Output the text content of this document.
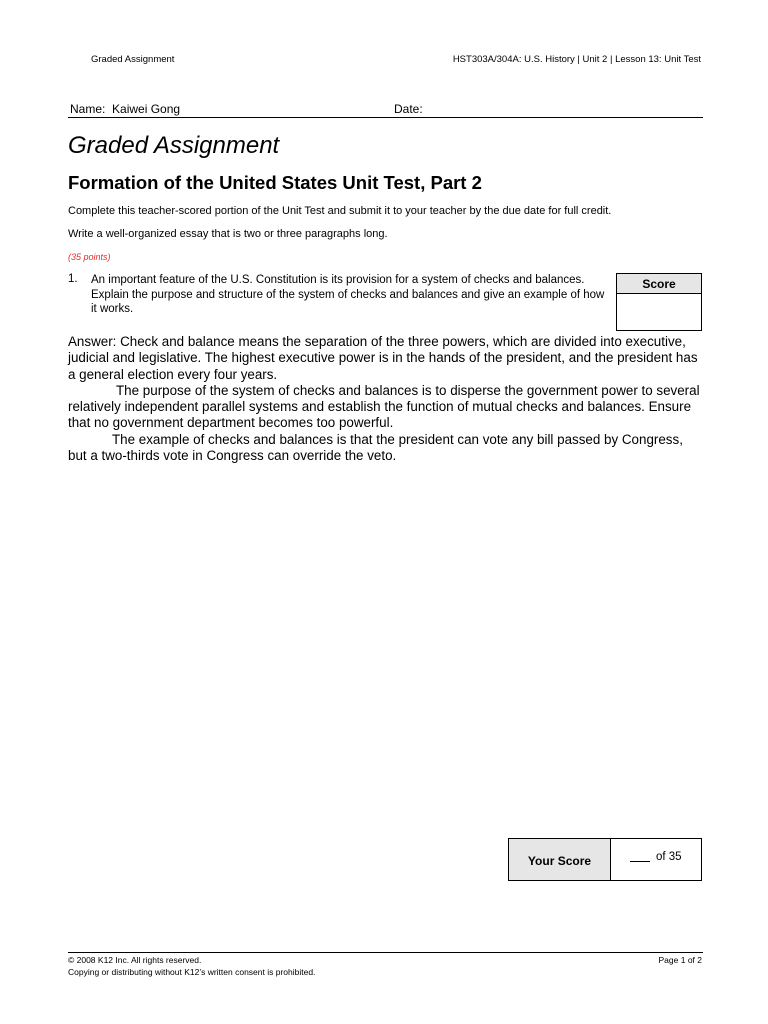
Graded Assignment	HST303A/304A: U.S. History | Unit 2 | Lesson 13: Unit Test
Name: Kaiwei Gong	Date:
Graded Assignment
Formation of the United States Unit Test, Part 2
Complete this teacher-scored portion of the Unit Test and submit it to your teacher by the due date for full credit.
Write a well-organized essay that is two or three paragraphs long.
(35 points)
1. An important feature of the U.S. Constitution is its provision for a system of checks and balances. Explain the purpose and structure of the system of checks and balances and give an example of how it works.
Score

Answer: Check and balance means the separation of the three powers, which are divided into executive, judicial and legislative. The highest executive power is in the hands of the president, and the president has a general election every four years.

The purpose of the system of checks and balances is to disperse the government power to several relatively independent parallel systems and establish the function of mutual checks and balances. Ensure that no government department becomes too powerful.

The example of checks and balances is that the president can vote any bill passed by Congress, but a two-thirds vote in Congress can override the veto.

Your Score	of 35
© 2008 K12 Inc. All rights reserved.
Copying or distributing without K12’s written consent is prohibited.
Page 1 of 2
